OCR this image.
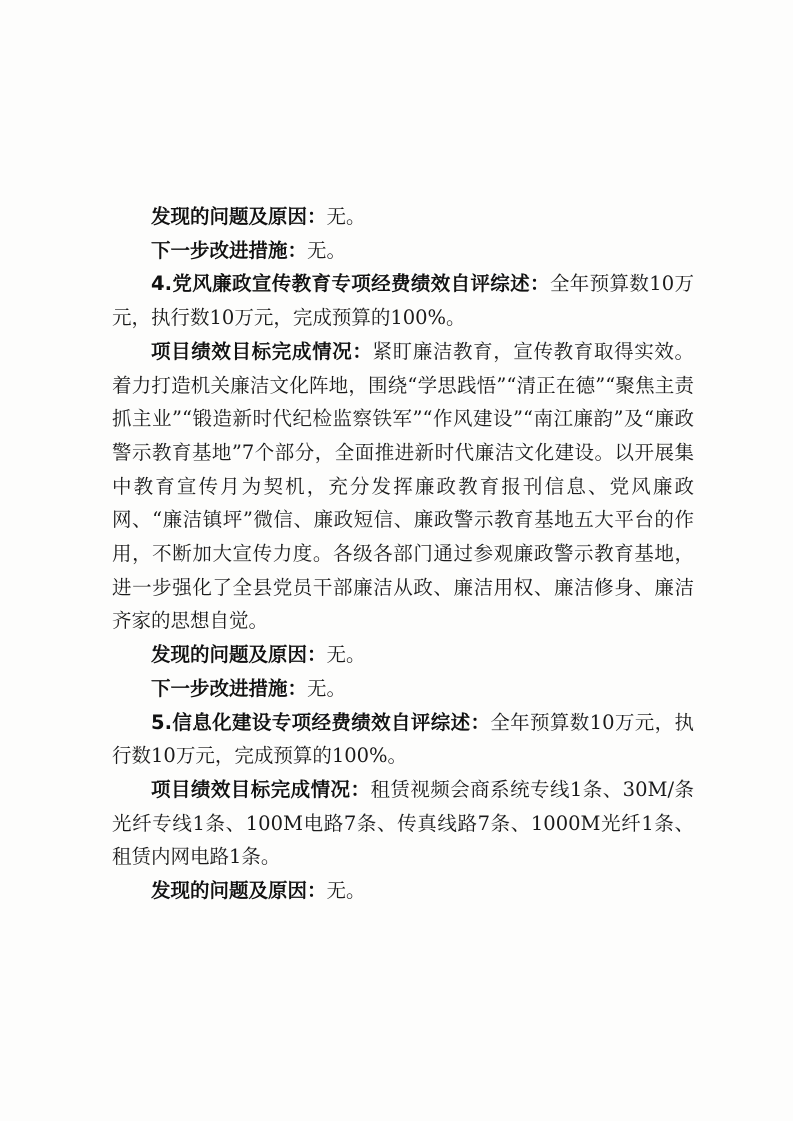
发现的问题及原因：无。

下一步改进措施：无。

4.党风廉政宣传教育专项经费绩效自评综述：全年预算数10万元，执行数10万元，完成预算的100%。

项目绩效目标完成情况：紧盯廉洁教育，宣传教育取得实效。着力打造机关廉洁文化阵地，围绕“学思践悟”“清正在德”“聚焦主责抓主业”“锻造新时代纪检监察铁军”“作风建设”“南江廉韵”及“廉政警示教育基地”7个部分，全面推进新时代廉洁文化建设。以开展集中教育宣传月为契机，充分发挥廉政教育报刊信息、党风廉政网、“廉洁镇坪”微信、廉政短信、廉政警示教育基地五大平台的作用，不断加大宣传力度。各级各部门通过参观廉政警示教育基地，进一步强化了全县党员干部廉洁从政、廉洁用权、廉洁修身、廉洁齐家的思想自觉。

发现的问题及原因：无。

下一步改进措施：无。

5.信息化建设专项经费绩效自评综述：全年预算数10万元，执行数10万元，完成预算的100%。

项目绩效目标完成情况：租赁视频会商系统专线1条、30M/条光纤专线1条、100M电路7条、传真线路7条、1000M光纤1条、租赁内网电路1条。

发现的问题及原因：无。
